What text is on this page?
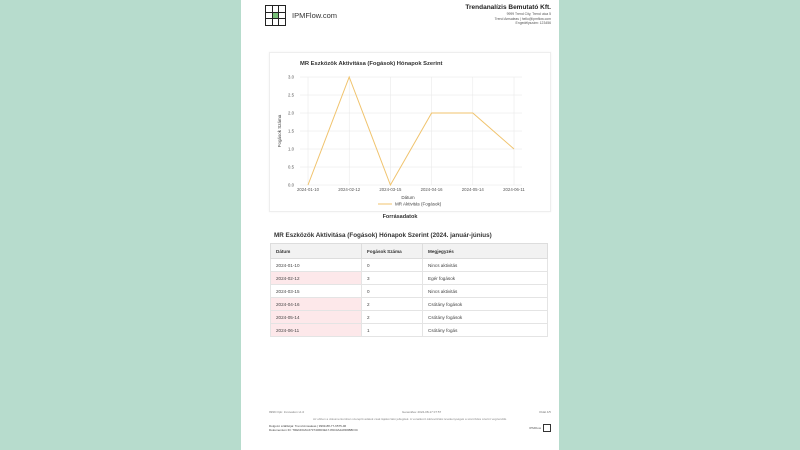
IPMFlow.com
Trendanalízis Bemutató Kft.
9999 Trend City, Trend utca 5
Trend Amsaleas | hello@ipmflow.com
Engedélyszám: 123456
MR Eszközök Aktivitása (Fogások) Hónapok Szerint
0.0
0.5
1.0
1.5
2.0
2.5
3.0
2024-01-10	2024-02-12	2024-03-15	2024-04-16	2024-05-14	2024-06-11
Fogások Száma
Dátum
MR Aktivitás (Fogások)
Forrásadatok
MR Eszközök Aktivitása (Fogások) Hónapok Szerint (2024. január-június)
Dátum	Fogások Száma	Megjegyzés
2024-01-10	0	Nincs aktivitás
2024-02-12	3	Egér fogások
2024-03-15	0	Nincs aktivitás
2024-04-16	2	Csótány fogások
2024-05-14	2	Csótány fogások
2024-06-11	1	Csótány fogás
9999 Optr. Innovation v1.0	Generálva: 2024-08-17 07:57	Oldal 4/5
Az ebben a dokumentumban szereplő adatok csak tájékoztató jellegűek. A vonatkozó kártevőirtási tevékenységek a szerződés szerint végzendők.
Dolgozó szállítójai: Trend Amsaleas | 9999-88-77-6575-96
Dokumentum ID: TRENDGM-6737406D3E17-89C0A2A8D9B8F3C	IPMFlow
